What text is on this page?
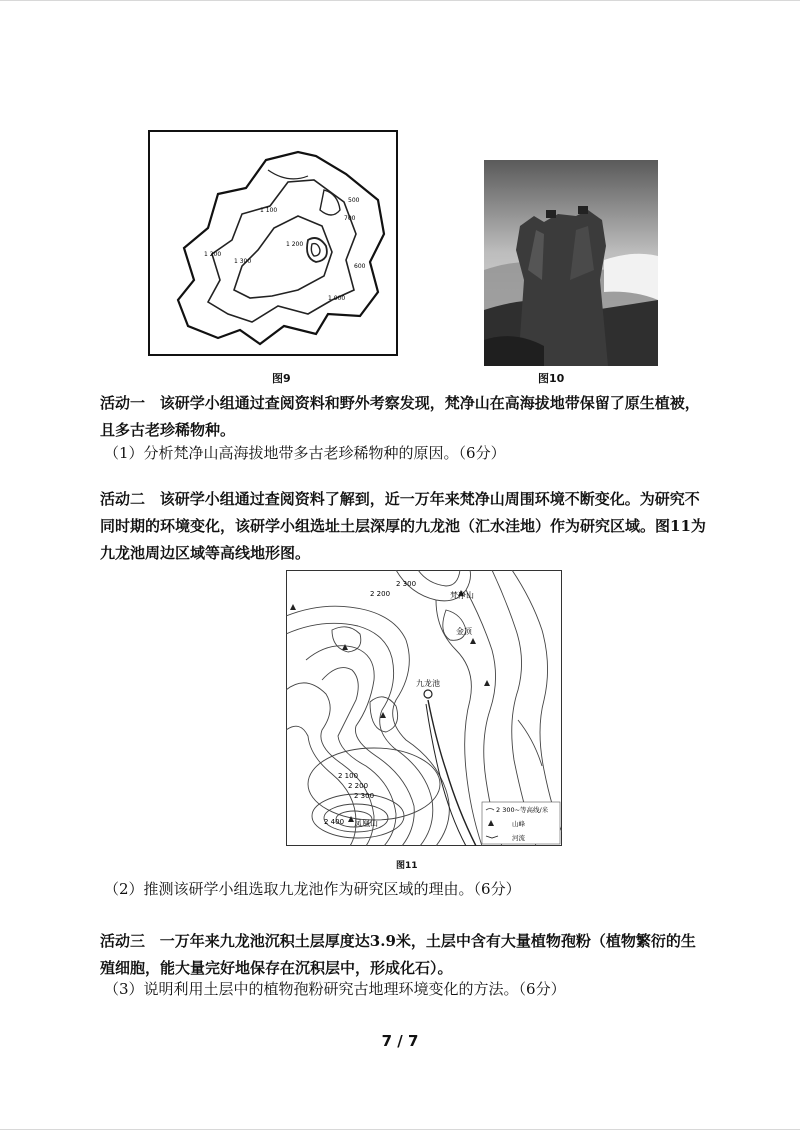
1 100
1 200
1 300
1 200
700
600
500
1 000
图9	图10
活动一 该研学小组通过查阅资料和野外考察发现，梵净山在高海拔地带保留了原生植被，且多古老珍稀物种。
（1）分析梵净山高海拔地带多古老珍稀物种的原因。（6分）
活动二 该研学小组通过查阅资料了解到，近一万年来梵净山周围环境不断变化。为研究不同时期的环境变化，该研学小组选址土层深厚的九龙池（汇水洼地）作为研究区域。图11为九龙池周边区域等高线地形图。
2 300
2 200	梵净山
金顶
九龙池
2 100
2 200
2 300
2 400 凤凰山
2 300~等高线/米
山峰
河流
图11
（2）推测该研学小组选取九龙池作为研究区域的理由。（6分）
活动三 一万年来九龙池沉积土层厚度达3.9米，土层中含有大量植物孢粉（植物繁衍的生殖细胞，能大量完好地保存在沉积层中，形成化石）。
（3）说明利用土层中的植物孢粉研究古地理环境变化的方法。（6分）
7 / 7
